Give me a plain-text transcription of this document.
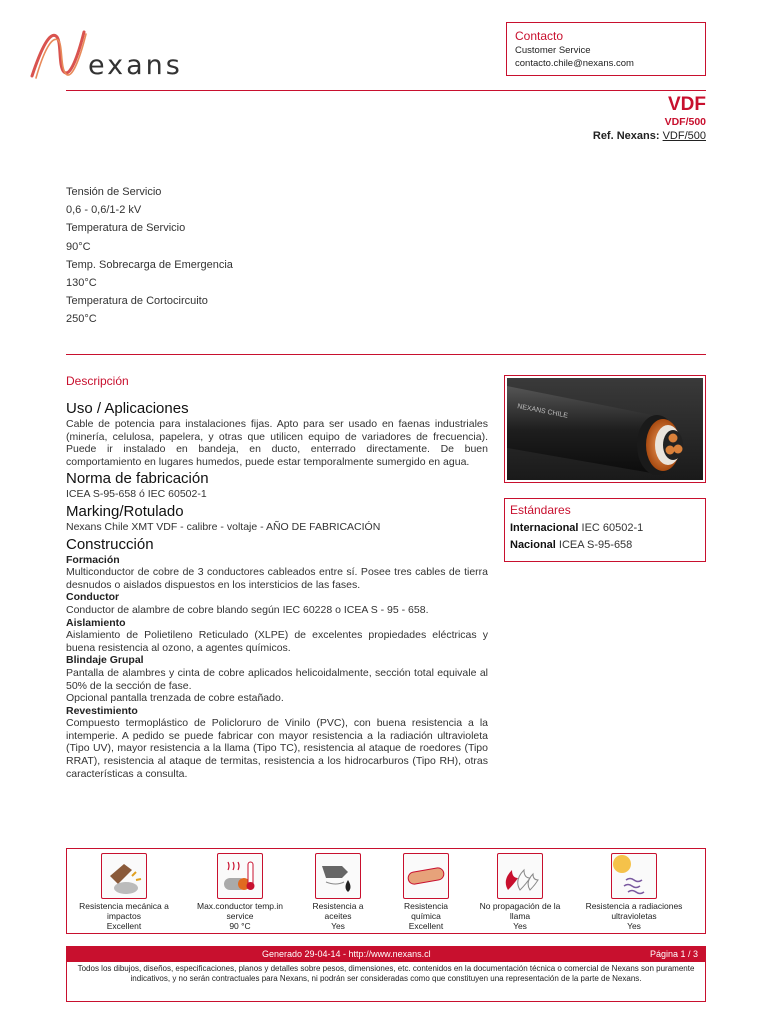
exans
Contacto
Customer Service
contacto.chile@nexans.com
VDF
VDF/500
Ref. Nexans: VDF/500
Tensión de Servicio
0,6 - 0,6/1-2 kV
Temperatura de Servicio
90°C
Temp. Sobrecarga de Emergencia
130°C
Temperatura de Cortocircuito
250°C
Descripción
Uso / Aplicaciones

Cable de potencia para instalaciones fijas. Apto para ser usado en faenas industriales (minería, celulosa, papelera, y otras que utilicen equipo de variadores de frecuencia). Puede ir instalado en bandeja, en ducto, enterrado directamente. De buen comportamiento en lugares humedos, puede estar temporalmente sumergido en agua.

Norma de fabricación

ICEA S-95-658 ó IEC 60502-1

Marking/Rotulado

Nexans Chile XMT VDF - calibre - voltaje - AÑO DE FABRICACIÓN

Construcción
Formación

Multiconductor de cobre de 3 conductores cableados entre sí. Posee tres cables de tierra desnudos o aislados dispuestos en los intersticios de las fases.

Conductor

Conductor de alambre de cobre blando según IEC 60228 o ICEA S - 95 - 658.

Aislamiento

Aislamiento de Polietileno Reticulado (XLPE) de excelentes propiedades eléctricas y buena resistencia al ozono, a agentes químicos.

Blindaje Grupal

Pantalla de alambres y cinta de cobre aplicados helicoidalmente, sección total equivale al 50% de la sección de fase.

Opcional pantalla trenzada de cobre estañado.

Revestimiento

Compuesto termoplástico de Policloruro de Vinilo (PVC), con buena resistencia a la intemperie. A pedido se puede fabricar con mayor resistencia a la radiación ultravioleta (Tipo UV), mayor resistencia a la llama (Tipo TC), resistencia al ataque de roedores (Tipo RRAT), resistencia al ataque de termitas, resistencia a los hidrocarburos (Tipo RH), otras características a consulta.

NEXANS CHILE
Estándares
Internacional IEC 60502-1
Nacional ICEA S-95-658
Resistencia mecánica a
impactos
Excellent
Max.conductor temp.in
service
90 °C
Resistencia a
aceites
Yes
Resistencia
química
Excellent
No propagación de la
llama
Yes
Resistencia a radiaciones
ultravioletas
Yes
Generado 29-04-14 - http://www.nexans.cl	Página 1 / 3
Todos los dibujos, diseños, especificaciones, planos y detalles sobre pesos, dimensiones, etc. contenidos en la documentación técnica o comercial de Nexans son puramente indicativos, y no serán contractuales para Nexans, ni podrán ser consideradas como que constituyen una representación de la parte de Nexans.
